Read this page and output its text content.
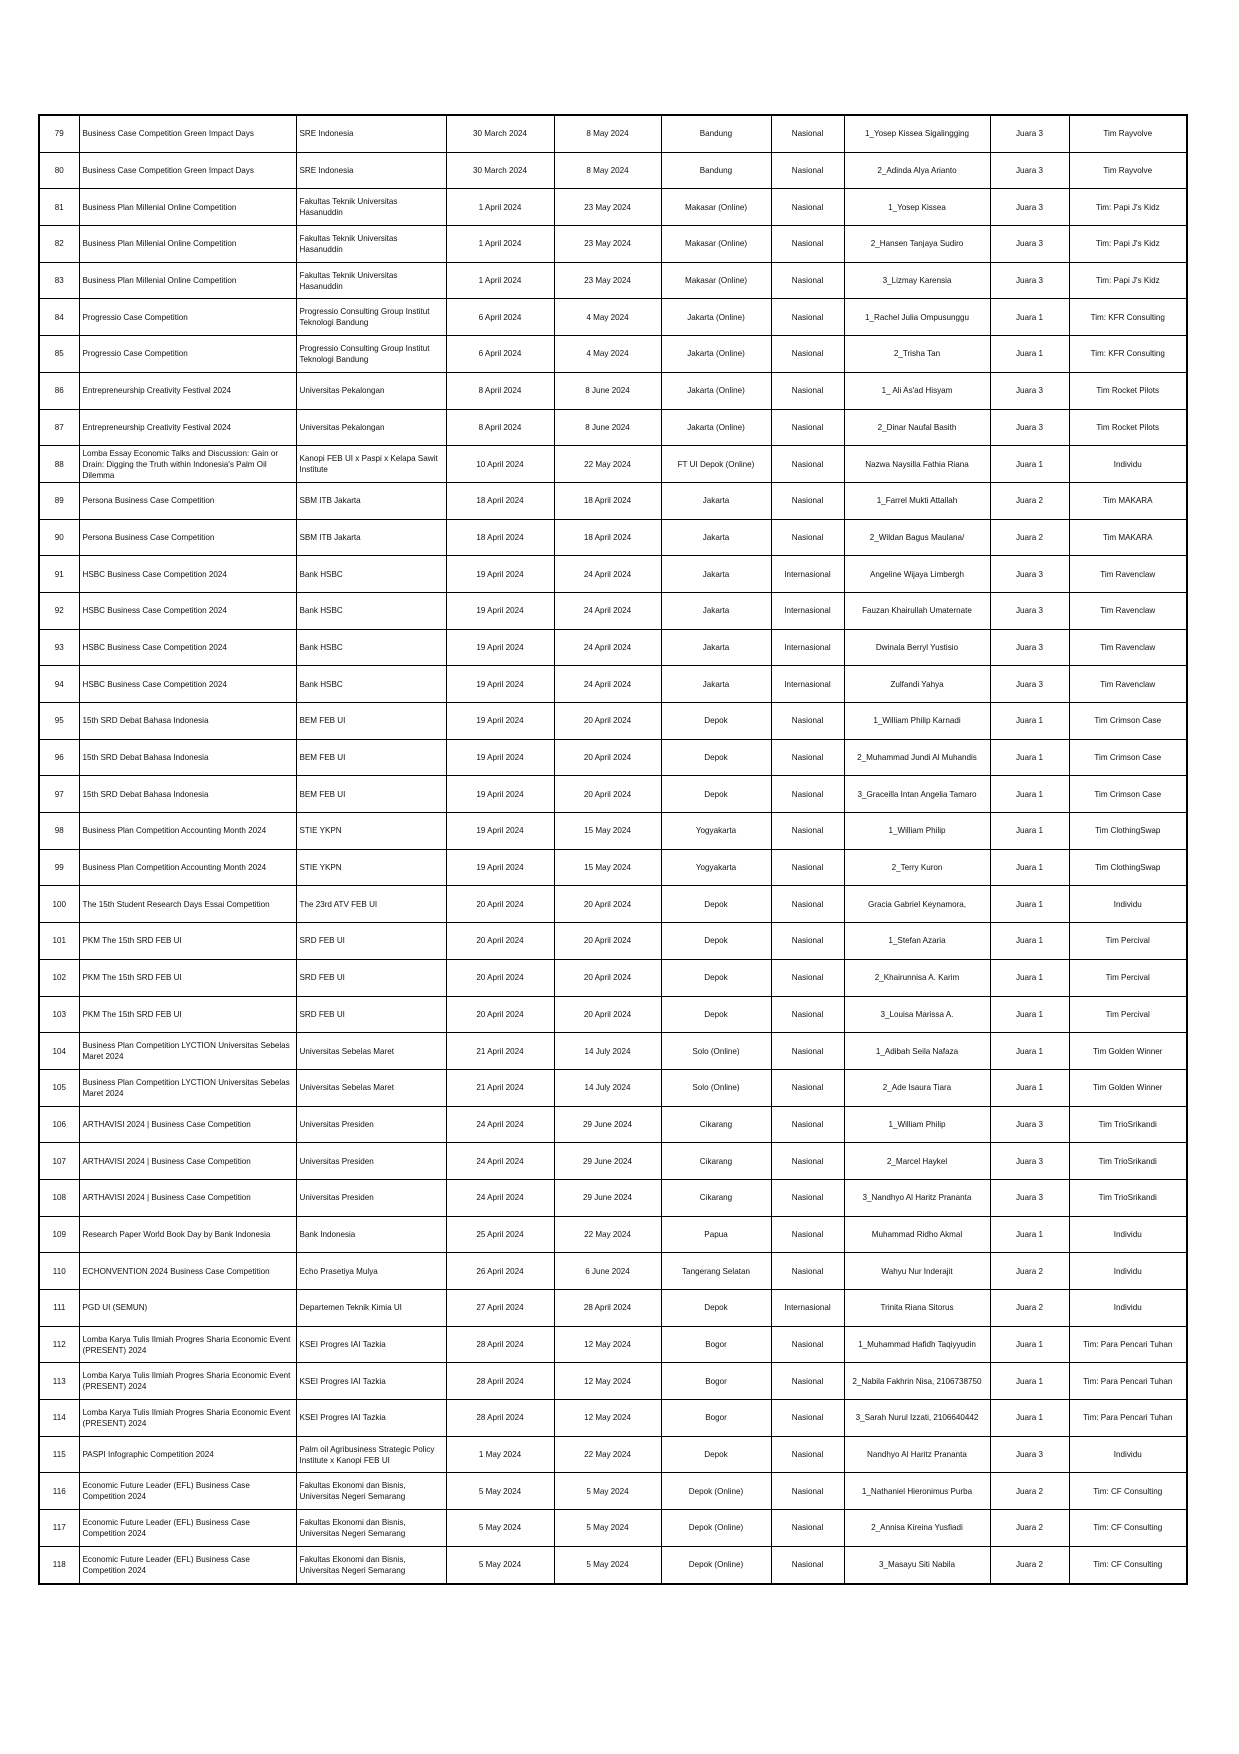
79	Business Case Competition Green Impact Days	SRE Indonesia	30 March 2024	8 May 2024	Bandung	Nasional	1_Yosep Kissea Sigalingging	Juara 3	Tim Rayvolve
80	Business Case Competition Green Impact Days	SRE Indonesia	30 March 2024	8 May 2024	Bandung	Nasional	2_Adinda Alya Arianto	Juara 3	Tim Rayvolve
81	Business Plan Millenial Online Competition	Fakultas Teknik Universitas Hasanuddin	1 April 2024	23 May 2024	Makasar (Online)	Nasional	1_Yosep Kissea	Juara 3	Tim: Papi J's Kidz
82	Business Plan Millenial Online Competition	Fakultas Teknik Universitas Hasanuddin	1 April 2024	23 May 2024	Makasar (Online)	Nasional	2_Hansen Tanjaya Sudiro	Juara 3	Tim: Papi J's Kidz
83	Business Plan Millenial Online Competition	Fakultas Teknik Universitas Hasanuddin	1 April 2024	23 May 2024	Makasar (Online)	Nasional	3_Lizmay Karensia	Juara 3	Tim: Papi J's Kidz
84	Progressio Case Competition	Progressio Consulting Group Institut Teknologi Bandung	6 April 2024	4 May 2024	Jakarta (Online)	Nasional	1_Rachel Julia Ompusunggu	Juara 1	Tim: KFR Consulting
85	Progressio Case Competition	Progressio Consulting Group Institut Teknologi Bandung	6 April 2024	4 May 2024	Jakarta (Online)	Nasional	2_Trisha Tan	Juara 1	Tim: KFR Consulting
86	Entrepreneurship Creativity Festival 2024	Universitas Pekalongan	8 April 2024	8 June 2024	Jakarta (Online)	Nasional	1_ Ali As'ad Hisyam	Juara 3	Tim Rocket Pilots
87	Entrepreneurship Creativity Festival 2024	Universitas Pekalongan	8 April 2024	8 June 2024	Jakarta (Online)	Nasional	2_Dinar Naufal Basith	Juara 3	Tim Rocket Pilots
88	Lomba Essay Economic Talks and Discussion: Gain or Drain: Digging the Truth within Indonesia's Palm Oil Dilemma	Kanopi FEB UI x Paspi x Kelapa Sawit Institute	10 April 2024	22 May 2024	FT UI Depok (Online)	Nasional	Nazwa Naysilla Fathia Riana	Juara 1	Individu
89	Persona Business Case Competition	SBM ITB Jakarta	18 April 2024	18 April 2024	Jakarta	Nasional	1_Farrel Mukti Attallah	Juara 2	Tim MAKARA
90	Persona Business Case Competition	SBM ITB Jakarta	18 April 2024	18 April 2024	Jakarta	Nasional	2_Wildan Bagus Maulana/	Juara 2	Tim MAKARA
91	HSBC Business Case Competition 2024	Bank HSBC	19 April 2024	24 April 2024	Jakarta	Internasional	Angeline Wijaya Limbergh	Juara 3	Tim Ravenclaw
92	HSBC Business Case Competition 2024	Bank HSBC	19 April 2024	24 April 2024	Jakarta	Internasional	Fauzan Khairullah Umaternate	Juara 3	Tim Ravenclaw
93	HSBC Business Case Competition 2024	Bank HSBC	19 April 2024	24 April 2024	Jakarta	Internasional	Dwinala Berryl Yustisio	Juara 3	Tim Ravenclaw
94	HSBC Business Case Competition 2024	Bank HSBC	19 April 2024	24 April 2024	Jakarta	Internasional	Zulfandi Yahya	Juara 3	Tim Ravenclaw
95	15th SRD Debat Bahasa Indonesia	BEM FEB UI	19 April 2024	20 April 2024	Depok	Nasional	1_William Philip Karnadi	Juara 1	Tim Crimson Case
96	15th SRD Debat Bahasa Indonesia	BEM FEB UI	19 April 2024	20 April 2024	Depok	Nasional	2_Muhammad Jundi Al Muhandis	Juara 1	Tim Crimson Case
97	15th SRD Debat Bahasa Indonesia	BEM FEB UI	19 April 2024	20 April 2024	Depok	Nasional	3_Graceilla Intan Angelia Tamaro	Juara 1	Tim Crimson Case
98	Business Plan Competition Accounting Month 2024	STIE YKPN	19 April 2024	15 May 2024	Yogyakarta	Nasional	1_William Philip	Juara 1	Tim ClothingSwap
99	Business Plan Competition Accounting Month 2024	STIE YKPN	19 April 2024	15 May 2024	Yogyakarta	Nasional	2_Terry Kuron	Juara 1	Tim ClothingSwap
100	The 15th Student Research Days Essai Competition	The 23rd ATV FEB UI	20 April 2024	20 April 2024	Depok	Nasional	Gracia Gabriel Keynamora,	Juara 1	Individu
101	PKM The 15th SRD FEB UI	SRD FEB UI	20 April 2024	20 April 2024	Depok	Nasional	1_Stefan Azaria	Juara 1	Tim Percival
102	PKM The 15th SRD FEB UI	SRD FEB UI	20 April 2024	20 April 2024	Depok	Nasional	2_Khairunnisa A. Karim	Juara 1	Tim Percival
103	PKM The 15th SRD FEB UI	SRD FEB UI	20 April 2024	20 April 2024	Depok	Nasional	3_Louisa Marissa A.	Juara 1	Tim Percival
104	Business Plan Competition LYCTION Universitas Sebelas Maret 2024	Universitas Sebelas Maret	21 April 2024	14 July 2024	Solo (Online)	Nasional	1_Adibah Seila Nafaza	Juara 1	Tim Golden Winner
105	Business Plan Competition LYCTION Universitas Sebelas Maret 2024	Universitas Sebelas Maret	21 April 2024	14 July 2024	Solo (Online)	Nasional	2_Ade Isaura Tiara	Juara 1	Tim Golden Winner
106	ARTHAVISI 2024 | Business Case Competition	Universitas Presiden	24 April 2024	29 June 2024	Cikarang	Nasional	1_William Philip	Juara 3	Tim TrioSrikandi
107	ARTHAVISI 2024 | Business Case Competition	Universitas Presiden	24 April 2024	29 June 2024	Cikarang	Nasional	2_Marcel Haykel	Juara 3	Tim TrioSrikandi
108	ARTHAVISI 2024 | Business Case Competition	Universitas Presiden	24 April 2024	29 June 2024	Cikarang	Nasional	3_Nandhyo Al Haritz Prananta	Juara 3	Tim TrioSrikandi
109	Research Paper World Book Day by Bank Indonesia	Bank Indonesia	25 April 2024	22 May 2024	Papua	Nasional	Muhammad Ridho Akmal	Juara 1	Individu
110	ECHONVENTION 2024 Business Case Competition	Echo Prasetiya Mulya	26 April 2024	6 June 2024	Tangerang Selatan	Nasional	Wahyu Nur Inderajit	Juara 2	Individu
111	PGD UI (SEMUN)	Departemen Teknik Kimia UI	27 April 2024	28 April 2024	Depok	Internasional	Trinita Riana Sitorus	Juara 2	Individu
112	Lomba Karya Tulis Ilmiah Progres Sharia Economic Event (PRESENT) 2024	KSEI Progres IAI Tazkia	28 April 2024	12 May 2024	Bogor	Nasional	1_Muhammad Hafidh Taqiyyudin	Juara 1	Tim: Para Pencari Tuhan
113	Lomba Karya Tulis Ilmiah Progres Sharia Economic Event (PRESENT) 2024	KSEI Progres IAI Tazkia	28 April 2024	12 May 2024	Bogor	Nasional	2_Nabila Fakhrin Nisa, 2106738750	Juara 1	Tim: Para Pencari Tuhan
114	Lomba Karya Tulis Ilmiah Progres Sharia Economic Event (PRESENT) 2024	KSEI Progres IAI Tazkia	28 April 2024	12 May 2024	Bogor	Nasional	3_Sarah Nurul Izzati, 2106640442	Juara 1	Tim: Para Pencari Tuhan
115	PASPI Infographic Competition 2024	Palm oil Agribusiness Strategic Policy Institute x Kanopi FEB UI	1 May 2024	22 May 2024	Depok	Nasional	Nandhyo Al Haritz Prananta	Juara 3	Individu
116	Economic Future Leader (EFL) Business Case Competition 2024	Fakultas Ekonomi dan Bisnis, Universitas Negeri Semarang	5 May 2024	5 May 2024	Depok (Online)	Nasional	1_Nathaniel Hieronimus Purba	Juara 2	Tim: CF Consulting
117	Economic Future Leader (EFL) Business Case Competition 2024	Fakultas Ekonomi dan Bisnis, Universitas Negeri Semarang	5 May 2024	5 May 2024	Depok (Online)	Nasional	2_Annisa Kireina Yusfiadi	Juara 2	Tim: CF Consulting
118	Economic Future Leader (EFL) Business Case Competition 2024	Fakultas Ekonomi dan Bisnis, Universitas Negeri Semarang	5 May 2024	5 May 2024	Depok (Online)	Nasional	3_Masayu Siti Nabila	Juara 2	Tim: CF Consulting
